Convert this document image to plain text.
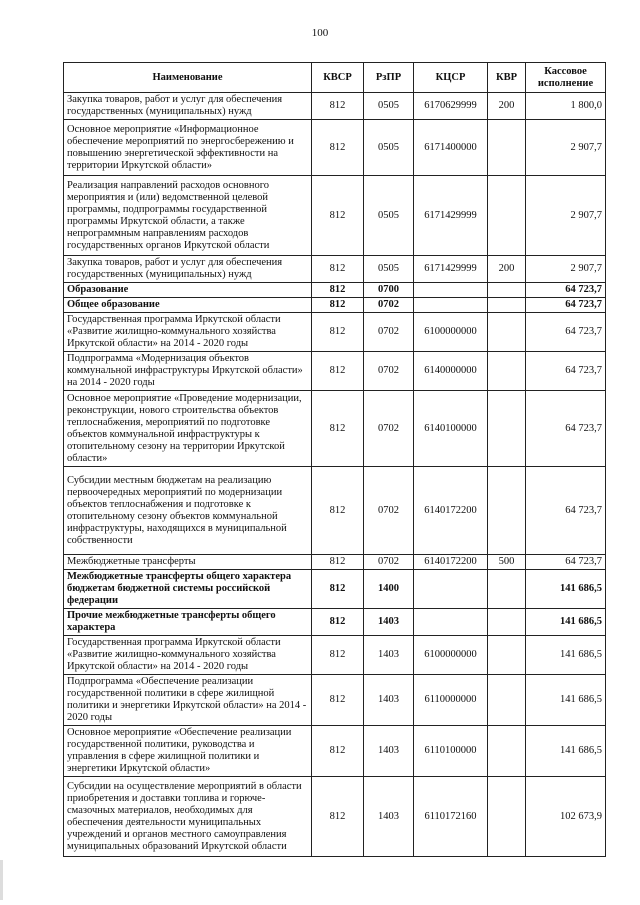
100
Наименование	КВСР	РзПР	КЦСР	КВР	Кассовое исполнение
Закупка товаров, работ и услуг для обеспечения государственных (муниципальных) нужд	812	0505	6170629999	200	1 800,0
Основное мероприятие «Информационное обеспечение мероприятий по энергосбережению и повышению энергетической эффективности на территории Иркутской области»	812	0505	6171400000		2 907,7
Реализация направлений расходов основного мероприятия и (или) ведомственной целевой программы, подпрограммы государственной программы Иркутской области, а также непрограммным направлениям расходов государственных органов Иркутской области	812	0505	6171429999		2 907,7
Закупка товаров, работ и услуг для обеспечения государственных (муниципальных) нужд	812	0505	6171429999	200	2 907,7
Образование	812	0700			64 723,7
Общее образование	812	0702			64 723,7
Государственная программа Иркутской области «Развитие жилищно-коммунального хозяйства Иркутской области» на 2014 - 2020 годы	812	0702	6100000000		64 723,7
Подпрограмма «Модернизация объектов коммунальной инфраструктуры Иркутской области» на 2014 - 2020 годы	812	0702	6140000000		64 723,7
Основное мероприятие «Проведение модернизации, реконструкции, нового строительства объектов теплоснабжения, мероприятий по подготовке объектов коммунальной инфраструктуры к отопительному сезону на территории Иркутской области»	812	0702	6140100000		64 723,7
Субсидии местным бюджетам на реализацию первоочередных мероприятий по модернизации объектов теплоснабжения и подготовке к отопительному сезону объектов коммунальной инфраструктуры, находящихся в муниципальной собственности	812	0702	6140172200		64 723,7
Межбюджетные трансферты	812	0702	6140172200	500	64 723,7
Межбюджетные трансферты общего характера бюджетам бюджетной системы российской федерации	812	1400			141 686,5
Прочие межбюджетные трансферты общего характера	812	1403			141 686,5
Государственная программа Иркутской области «Развитие жилищно-коммунального хозяйства Иркутской области» на 2014 - 2020 годы	812	1403	6100000000		141 686,5
Подпрограмма «Обеспечение реализации государственной политики в сфере жилищной политики и энергетики Иркутской области» на 2014 - 2020 годы	812	1403	6110000000		141 686,5
Основное мероприятие «Обеспечение реализации государственной политики, руководства и управления в сфере жилищной политики и энергетики Иркутской области»	812	1403	6110100000		141 686,5
Субсидии на осуществление мероприятий в области приобретения и доставки топлива и горюче-смазочных материалов, необходимых для обеспечения деятельности муниципальных учреждений и органов местного самоуправления муниципальных образований Иркутской области	812	1403	6110172160		102 673,9
